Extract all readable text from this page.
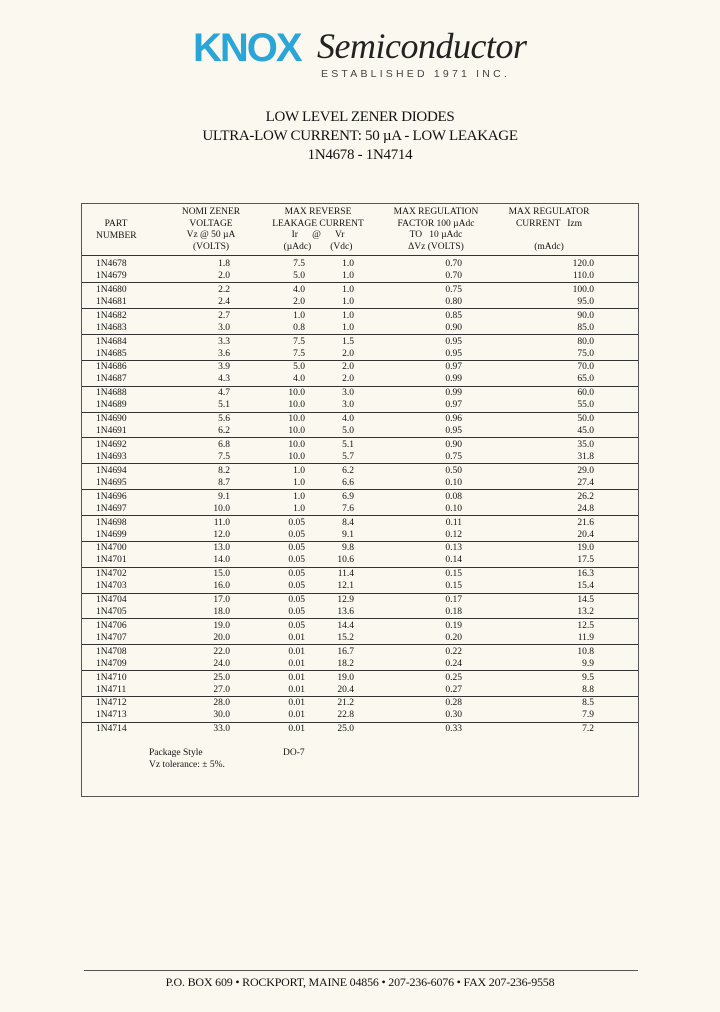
KNOX Semiconductor
ESTABLISHED 1971 INC.
LOW LEVEL ZENER DIODES
ULTRA-LOW CURRENT: 50 µA - LOW LEAKAGE
1N4678 - 1N4714
PART
NUMBER
NOMI ZENER
VOLTAGE
Vz @ 50 µA
(VOLTS)
MAX REVERSE
LEAKAGE CURRENT
Ir      @      Vr
(µAdc)        (Vdc)
MAX REGULATION
FACTOR 100 µAdc
TO   10 µAdc
ΔVz (VOLTS)
MAX REGULATOR
CURRENT   Izm

(mAdc)
1N4678	1.8	7.5	1.0	0.70	120.0
1N4679	2.0	5.0	1.0	0.70	110.0
1N4680	2.2	4.0	1.0	0.75	100.0
1N4681	2.4	2.0	1.0	0.80	95.0
1N4682	2.7	1.0	1.0	0.85	90.0
1N4683	3.0	0.8	1.0	0.90	85.0
1N4684	3.3	7.5	1.5	0.95	80.0
1N4685	3.6	7.5	2.0	0.95	75.0
1N4686	3.9	5.0	2.0	0.97	70.0
1N4687	4.3	4.0	2.0	0.99	65.0
1N4688	4.7	10.0	3.0	0.99	60.0
1N4689	5.1	10.0	3.0	0.97	55.0
1N4690	5.6	10.0	4.0	0.96	50.0
1N4691	6.2	10.0	5.0	0.95	45.0
1N4692	6.8	10.0	5.1	0.90	35.0
1N4693	7.5	10.0	5.7	0.75	31.8
1N4694	8.2	1.0	6.2	0.50	29.0
1N4695	8.7	1.0	6.6	0.10	27.4
1N4696	9.1	1.0	6.9	0.08	26.2
1N4697	10.0	1.0	7.6	0.10	24.8
1N4698	11.0	0.05	8.4	0.11	21.6
1N4699	12.0	0.05	9.1	0.12	20.4
1N4700	13.0	0.05	9.8	0.13	19.0
1N4701	14.0	0.05	10.6	0.14	17.5
1N4702	15.0	0.05	11.4	0.15	16.3
1N4703	16.0	0.05	12.1	0.15	15.4
1N4704	17.0	0.05	12.9	0.17	14.5
1N4705	18.0	0.05	13.6	0.18	13.2
1N4706	19.0	0.05	14.4	0.19	12.5
1N4707	20.0	0.01	15.2	0.20	11.9
1N4708	22.0	0.01	16.7	0.22	10.8
1N4709	24.0	0.01	18.2	0.24	9.9
1N4710	25.0	0.01	19.0	0.25	9.5
1N4711	27.0	0.01	20.4	0.27	8.8
1N4712	28.0	0.01	21.2	0.28	8.5
1N4713	30.0	0.01	22.8	0.30	7.9
1N4714	33.0	0.01	25.0	0.33	7.2
Package Style	DO-7
Vz tolerance: ± 5%.
P.O. BOX 609 • ROCKPORT, MAINE 04856 • 207-236-6076 • FAX 207-236-9558
